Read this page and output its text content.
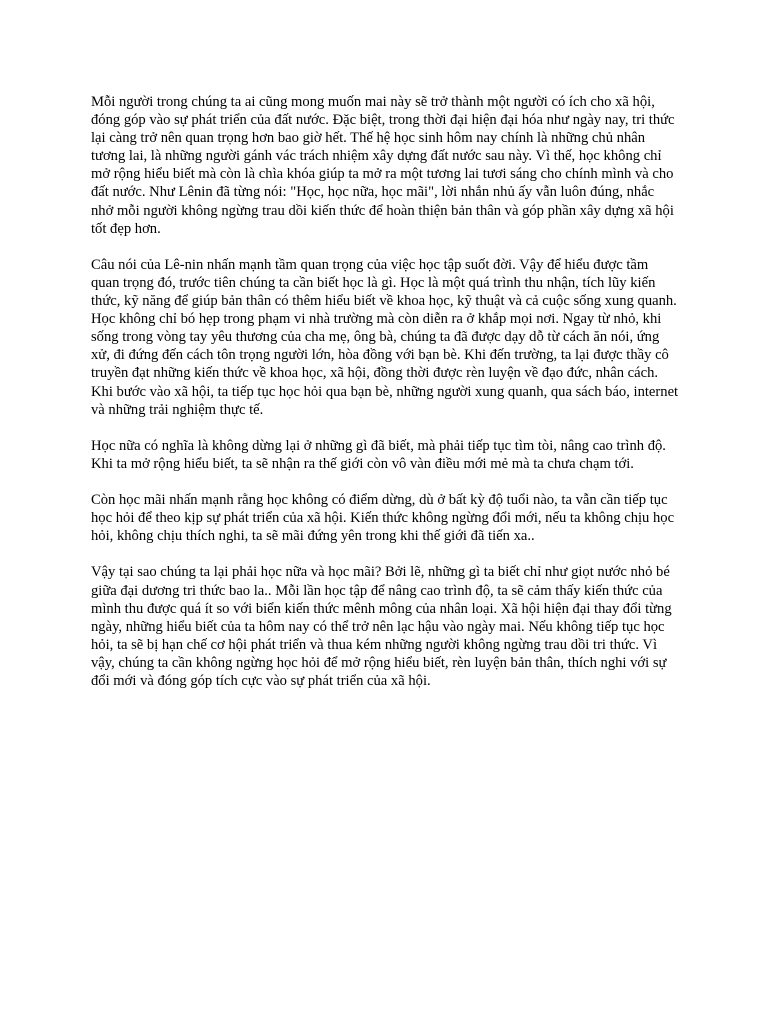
Mỗi người trong chúng ta ai cũng mong muốn mai này sẽ trở thành một người có ích cho xã hội, đóng góp vào sự phát triển của đất nước. Đặc biệt, trong thời đại hiện đại hóa như ngày nay, tri thức lại càng trở nên quan trọng hơn bao giờ hết. Thế hệ học sinh hôm nay chính là những chủ nhân tương lai, là những người gánh vác trách nhiệm xây dựng đất nước sau này. Vì thế, học không chỉ mở rộng hiểu biết mà còn là chìa khóa giúp ta mở ra một tương lai tươi sáng cho chính mình và cho đất nước. Như Lênin đã từng nói: "Học, học nữa, học mãi", lời nhắn nhủ ấy vẫn luôn đúng, nhắc nhở mỗi người không ngừng trau dồi kiến thức để hoàn thiện bản thân và góp phần xây dựng xã hội tốt đẹp hơn.

Câu nói của Lê-nin nhấn mạnh tầm quan trọng của việc học tập suốt đời. Vậy để hiểu được tầm quan trọng đó, trước tiên chúng ta cần biết học là gì. Học là một quá trình thu nhận, tích lũy kiến thức, kỹ năng để giúp bản thân có thêm hiểu biết về khoa học, kỹ thuật và cả cuộc sống xung quanh. Học không chỉ bó hẹp trong phạm vi nhà trường mà còn diễn ra ở khắp mọi nơi. Ngay từ nhỏ, khi sống trong vòng tay yêu thương của cha mẹ, ông bà, chúng ta đã được dạy dỗ từ cách ăn nói, ứng xử, đi đứng đến cách tôn trọng người lớn, hòa đồng với bạn bè. Khi đến trường, ta lại được thầy cô truyền đạt những kiến thức về khoa học, xã hội, đồng thời được rèn luyện về đạo đức, nhân cách. Khi bước vào xã hội, ta tiếp tục học hỏi qua bạn bè, những người xung quanh, qua sách báo, internet và những trải nghiệm thực tế.

Học nữa có nghĩa là không dừng lại ở những gì đã biết, mà phải tiếp tục tìm tòi, nâng cao trình độ. Khi ta mở rộng hiểu biết, ta sẽ nhận ra thế giới còn vô vàn điều mới mẻ mà ta chưa chạm tới.

Còn học mãi nhấn mạnh rằng học không có điểm dừng, dù ở bất kỳ độ tuổi nào, ta vẫn cần tiếp tục học hỏi để theo kịp sự phát triển của xã hội. Kiến thức không ngừng đổi mới, nếu ta không chịu học hỏi, không chịu thích nghi, ta sẽ mãi đứng yên trong khi thế giới đã tiến xa..

Vậy tại sao chúng ta lại phải học nữa và học mãi? Bởi lẽ, những gì ta biết chỉ như giọt nước nhỏ bé giữa đại dương tri thức bao la.. Mỗi lần học tập để nâng cao trình độ, ta sẽ cảm thấy kiến thức của mình thu được quá ít so với biển kiến thức mênh mông của nhân loại. Xã hội hiện đại thay đổi từng ngày, những hiểu biết của ta hôm nay có thể trở nên lạc hậu vào ngày mai. Nếu không tiếp tục học hỏi, ta sẽ bị hạn chế cơ hội phát triển và thua kém những người không ngừng trau dồi tri thức. Vì vậy, chúng ta cần không ngừng học hỏi để mở rộng hiểu biết, rèn luyện bản thân, thích nghi với sự đổi mới và đóng góp tích cực vào sự phát triển của xã hội.
